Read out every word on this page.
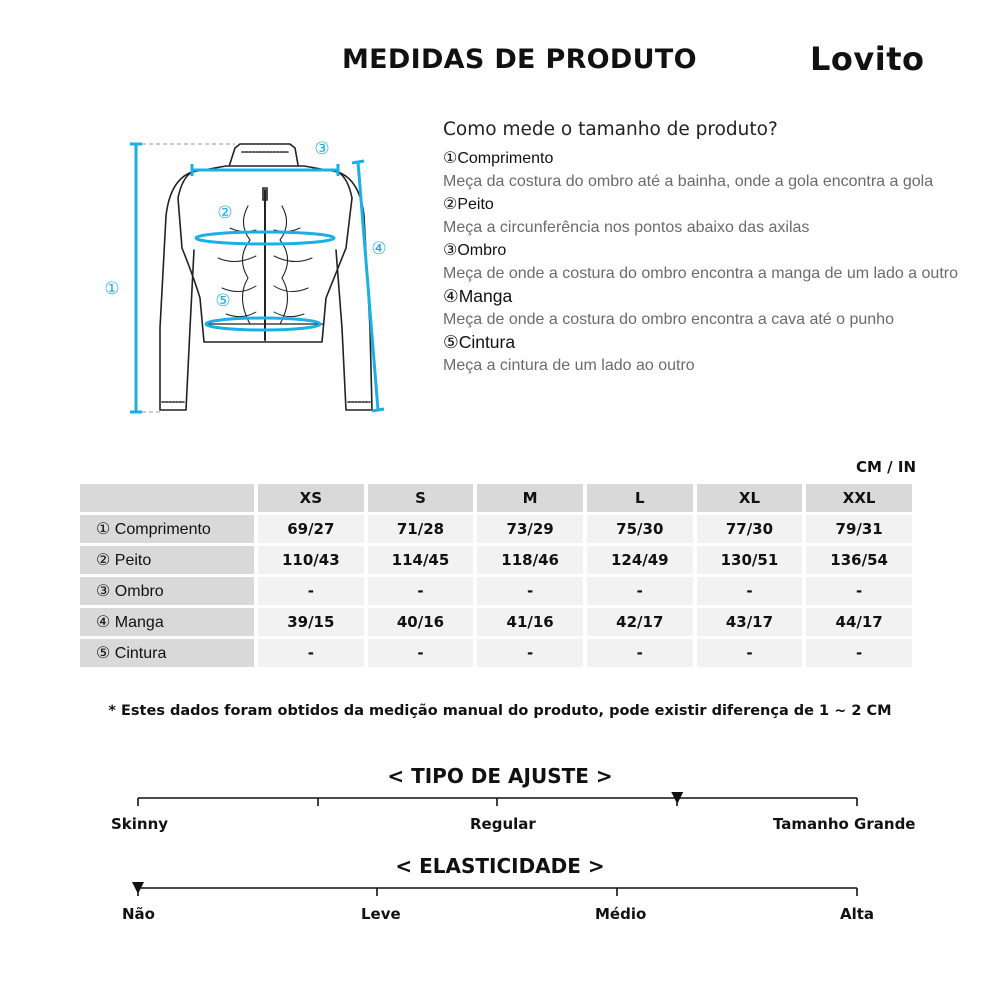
MEDIDAS DE PRODUTO	Lovito
①
②
③
④
⑤
Como mede o tamanho de produto?
①Comprimento
Meça da costura do ombro até a bainha, onde a gola encontra a gola
②Peito
Meça a circunferência nos pontos abaixo das axilas
③Ombro
Meça de onde a costura do ombro encontra a manga de um lado a outro
④Manga
Meça de onde a costura do ombro encontra a cava até o punho
⑤Cintura
Meça a cintura de um lado ao outro
CM / IN
	XS	S	M	L	XL	XXL
① Comprimento	69/27	71/28	73/29	75/30	77/30	79/31
② Peito	110/43	114/45	118/46	124/49	130/51	136/54
③ Ombro	-	-	-	-	-	-
④ Manga	39/15	40/16	41/16	42/17	43/17	44/17
⑤ Cintura	-	-	-	-	-	-
* Estes dados foram obtidos da medição manual do produto, pode existir diferença de 1 ~ 2 CM
< TIPO DE AJUSTE >
Skinny	Regular	Tamanho Grande
< ELASTICIDADE >
Não	Leve	Médio	Alta
